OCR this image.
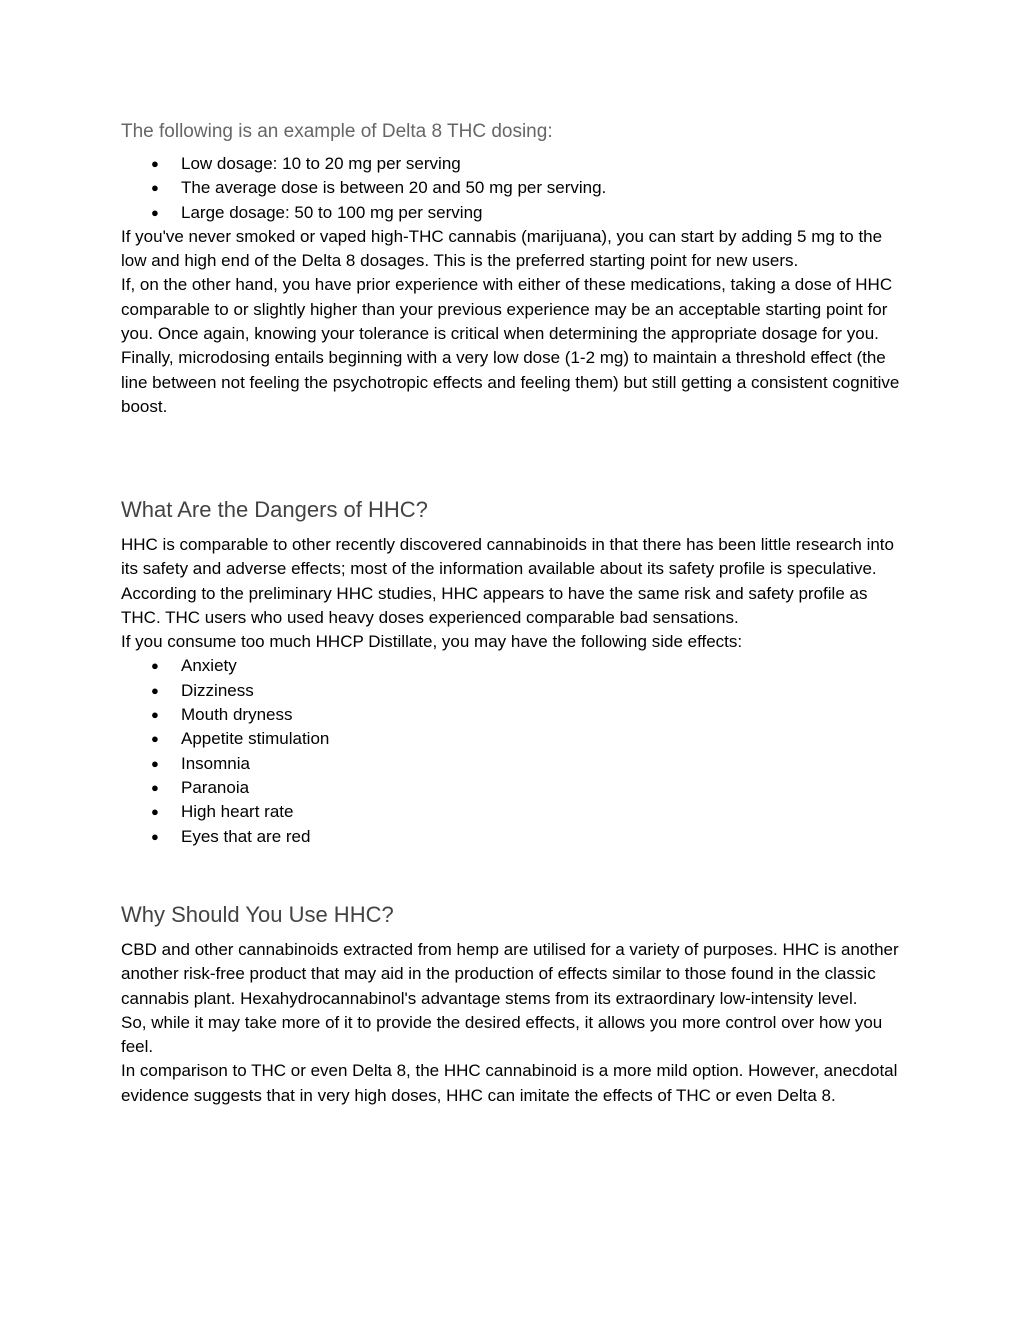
The following is an example of Delta 8 THC dosing:
● Low dosage: 10 to 20 mg per serving
● The average dose is between 20 and 50 mg per serving.
● Large dosage: 50 to 100 mg per serving

If you've never smoked or vaped high-THC cannabis (marijuana), you can start by adding 5 mg to the low and high end of the Delta 8 dosages. This is the preferred starting point for new users.

If, on the other hand, you have prior experience with either of these medications, taking a dose of HHC comparable to or slightly higher than your previous experience may be an acceptable starting point for you. Once again, knowing your tolerance is critical when determining the appropriate dosage for you.

Finally, microdosing entails beginning with a very low dose (1-2 mg) to maintain a threshold effect (the line between not feeling the psychotropic effects and feeling them) but still getting a consistent cognitive boost.

What Are the Dangers of HHC?

HHC is comparable to other recently discovered cannabinoids in that there has been little research into its safety and adverse effects; most of the information available about its safety profile is speculative.

According to the preliminary HHC studies, HHC appears to have the same risk and safety profile as THC. THC users who used heavy doses experienced comparable bad sensations.

If you consume too much HHCP Distillate, you may have the following side effects:

● Anxiety
● Dizziness
● Mouth dryness
● Appetite stimulation
● Insomnia
● Paranoia
● High heart rate
● Eyes that are red
Why Should You Use HHC?

CBD and other cannabinoids extracted from hemp are utilised for a variety of purposes. HHC is another another risk-free product that may aid in the production of effects similar to those found in the classic cannabis plant. Hexahydrocannabinol's advantage stems from its extraordinary low-intensity level.

So, while it may take more of it to provide the desired effects, it allows you more control over how you feel.

In comparison to THC or even Delta 8, the HHC cannabinoid is a more mild option. However, anecdotal evidence suggests that in very high doses, HHC can imitate the effects of THC or even Delta 8.
